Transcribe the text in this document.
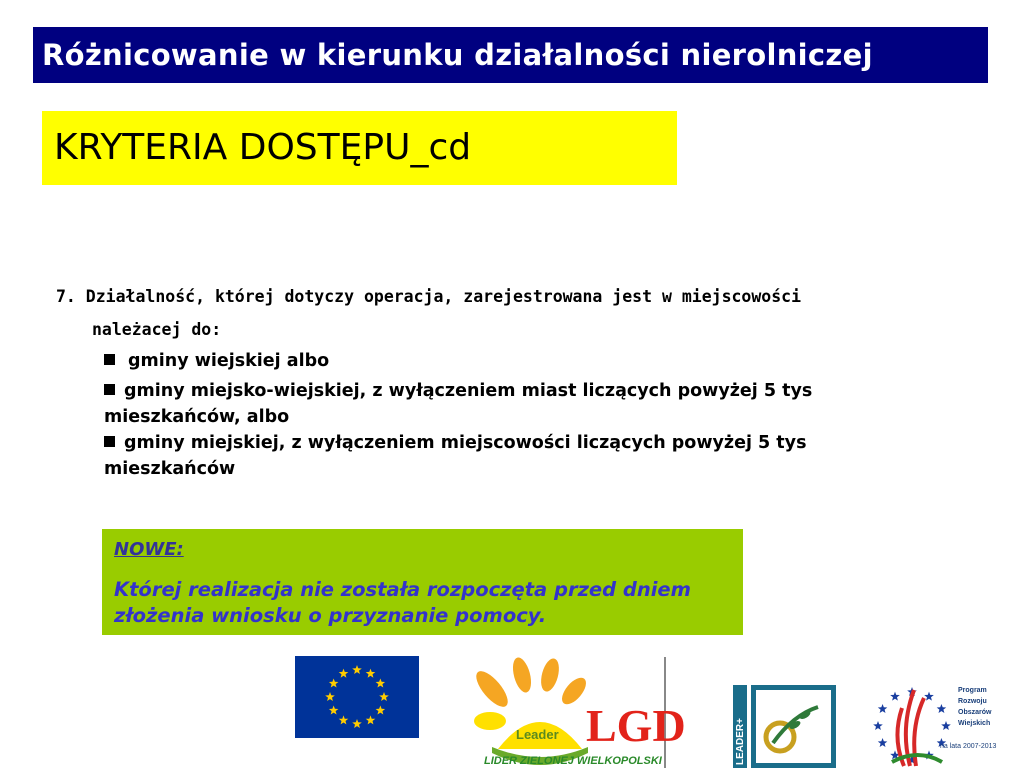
Różnicowanie w kierunku działalności nierolniczej
KRYTERIA DOSTĘPU_cd
7. Działalność, której dotyczy operacja, zarejestrowana jest w miejscowości
należacej do:
gminy wiejskiej albo
gminy miejsko-wiejskiej, z wyłączeniem miast liczących powyżej 5 tys mieszkańców, albo
gminy miejskiej, z wyłączeniem miejscowości liczących powyżej 5 tys mieszkańców
NOWE:
Której realizacja nie została rozpoczęta przed dniem złożenia wniosku o przyznanie pomocy.
Leader LGD
LIDER ZIELONEJ WIELKOPOLSKI	LEADER+
Program
Rozwoju
Obszarów
Wiejskich
na lata 2007-2013
